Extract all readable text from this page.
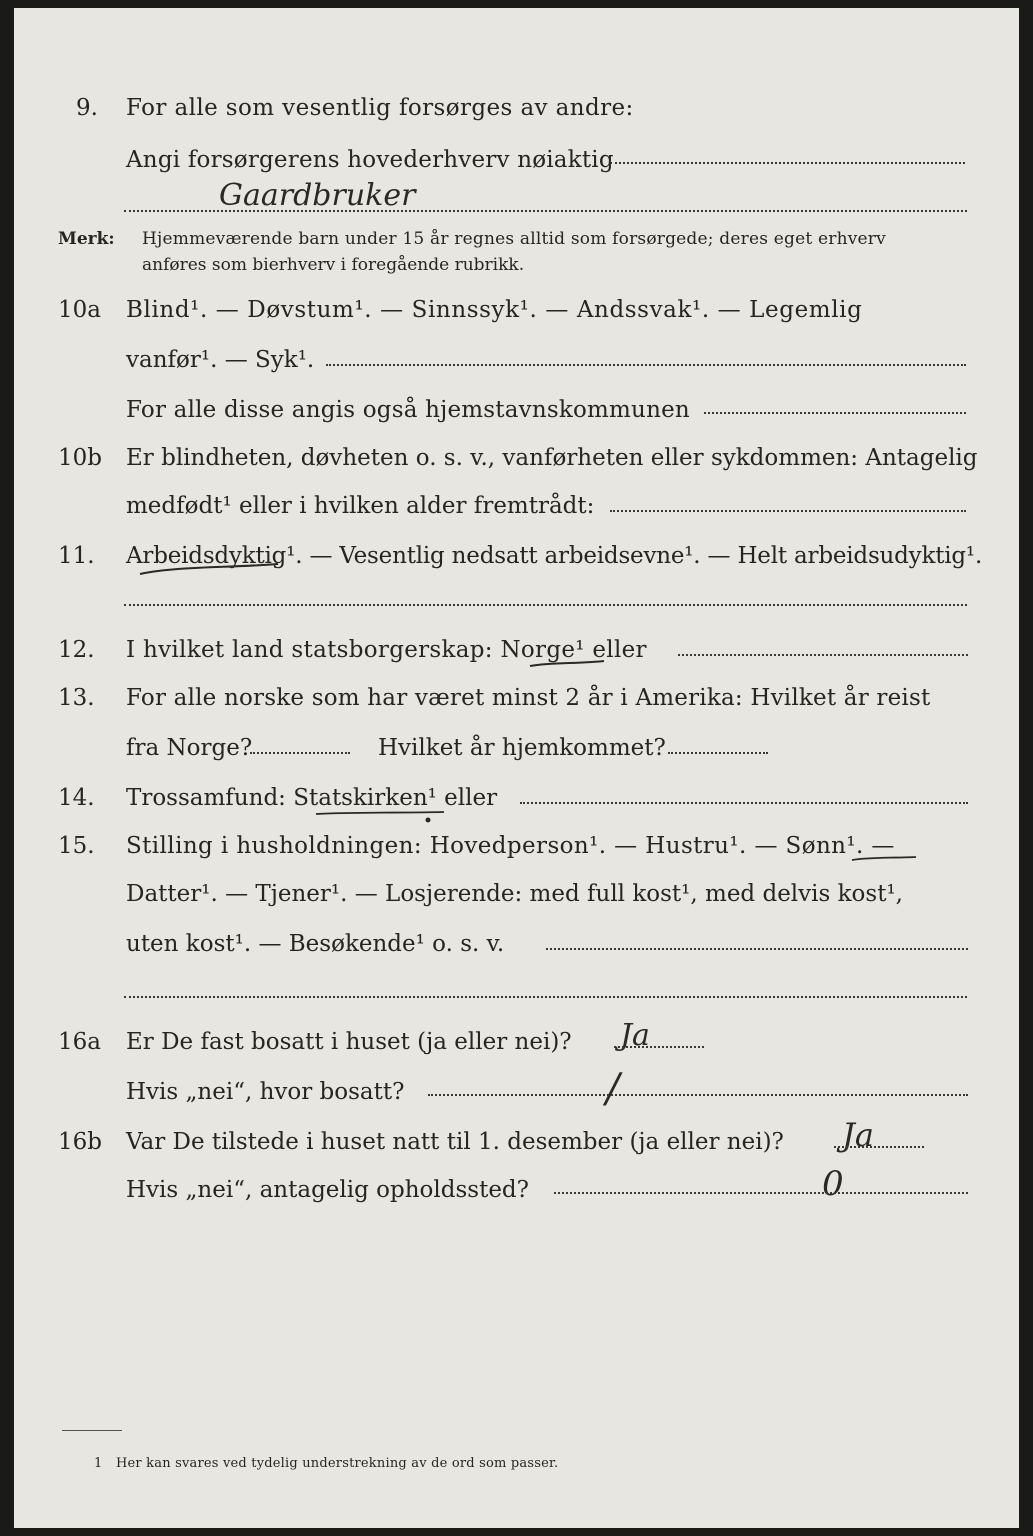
9. For alle som vesentlig forsørges av andre:
Angi forsørgerens hovederhverv nøiaktig
Gaardbruker
Merk: Hjemmeværende barn under 15 år regnes alltid som forsørgede; deres eget erhverv
anføres som bierhverv i foregående rubrikk.
10a Blind¹. — Døvstum¹. — Sinnssyk¹. — Andssvak¹. — Legemlig
vanfør¹. — Syk¹.
For alle disse angis også hjemstavnskommunen
10b Er blindheten, døvheten o. s. v., vanførheten eller sykdommen: Antagelig
medfødt¹ eller i hvilken alder fremtrådt:
11. Arbeidsdyktig¹. — Vesentlig nedsatt arbeidsevne¹. — Helt arbeidsudyktig¹.
12. I hvilket land statsborgerskap: Norge¹ eller
13. For alle norske som har været minst 2 år i Amerika: Hvilket år reist
fra Norge?	Hvilket år hjemkommet?
14. Trossamfund: Statskirken¹ eller
15. Stilling i husholdningen: Hovedperson¹. — Hustru¹. — Sønn¹. —
Datter¹. — Tjener¹. — Losjerende: med full kost¹, med delvis kost¹,
uten kost¹. — Besøkende¹ o. s. v.
16a Er De fast bosatt i huset (ja eller nei)? Ja
Hvis „nei“, hvor bosatt?	/
16b Var De tilstede i huset natt til 1. desember (ja eller nei)? Ja
Hvis „nei“, antagelig opholdssted?	0
1 Her kan svares ved tydelig understrekning av de ord som passer.
